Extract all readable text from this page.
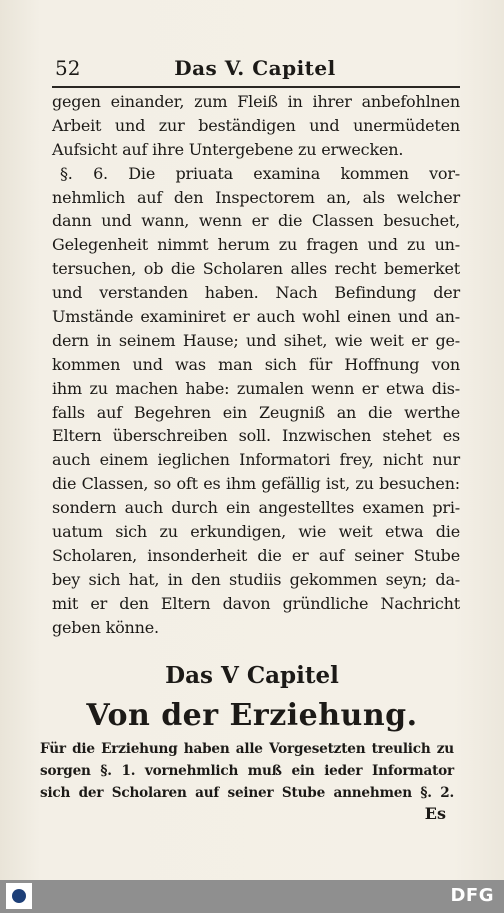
52	Das V. Capitel
gegen einander, zum Fleiß in ihrer anbefohlnen
Arbeit und zur beständigen und unermüdeten
Aufsicht auf ihre Untergebene zu erwecken.
§. 6. Die priuata examina kommen vor-
nehmlich auf den Inspectorem an, als welcher
dann und wann, wenn er die Classen besuchet,
Gelegenheit nimmt herum zu fragen und zu un-
tersuchen, ob die Scholaren alles recht bemerket
und verstanden haben. Nach Befindung der
Umstände examiniret er auch wohl einen und an-
dern in seinem Hause; und sihet, wie weit er ge-
kommen und was man sich für Hoffnung von
ihm zu machen habe: zumalen wenn er etwa dis-
falls auf Begehren ein Zeugniß an die werthe
Eltern überschreiben soll. Inzwischen stehet es
auch einem ieglichen Informatori frey, nicht nur
die Classen, so oft es ihm gefällig ist, zu besuchen:
sondern auch durch ein angestelltes examen pri-
uatum sich zu erkundigen, wie weit etwa die
Scholaren, insonderheit die er auf seiner Stube
bey sich hat, in den studiis gekommen seyn; da-
mit er den Eltern davon gründliche Nachricht
geben könne.
Das V Capitel
Von der Erziehung.
Für die Erziehung haben alle Vorgesetzten treulich zu
sorgen §. 1. vornehmlich muß ein ieder Informator
sich der Scholaren auf seiner Stube annehmen §. 2.
Es
DFG
